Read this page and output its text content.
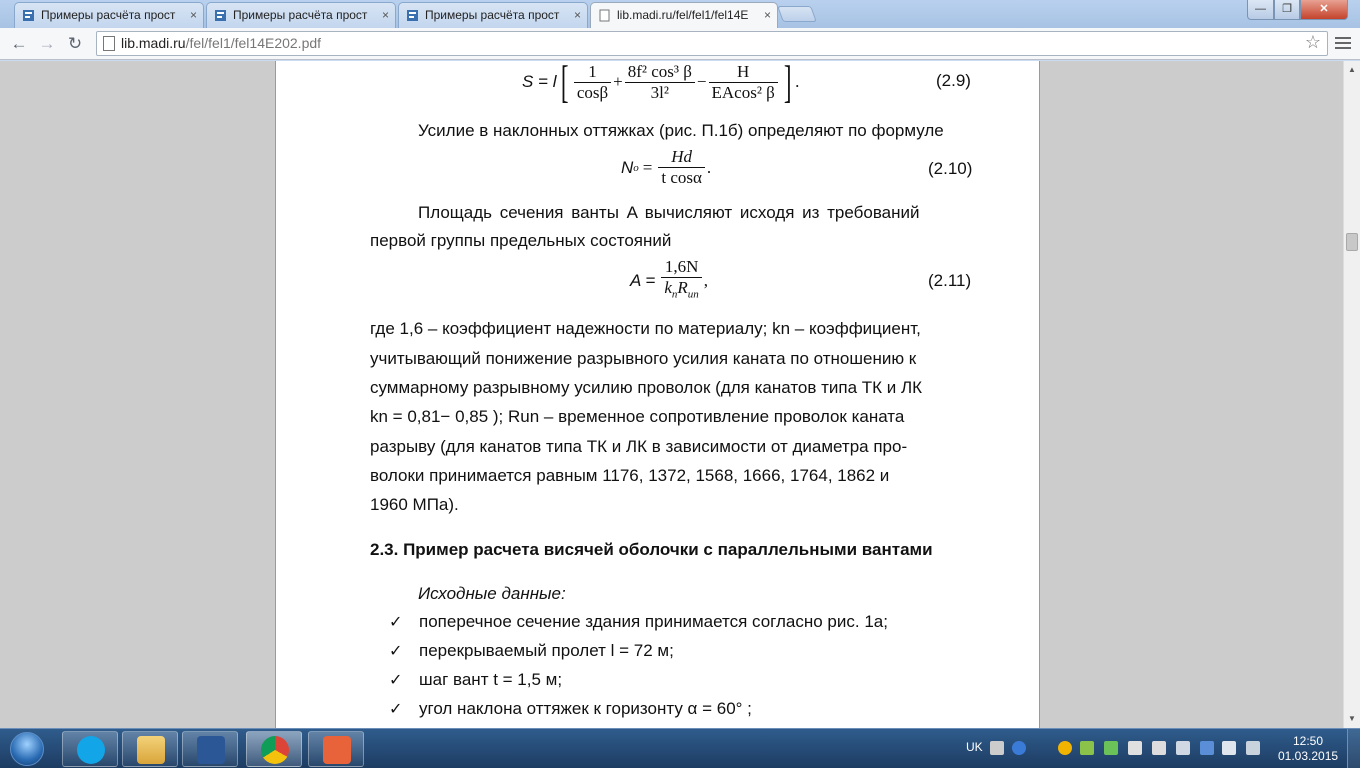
Примеры расчёта прост	×	Примеры расчёта прост	×	Примеры расчёта прост	×	lib.madi.ru/fel/fel1/fel14E	×	—	❐	✕
← → ↻	lib.madi.ru/fel/fel1/fel14E202.pdf	☆
S = l [ $\frac{1}{\cos\beta} + \frac{\text{8f² cos³ β}}{\text{3l²}} - \frac{H}{\text{EAcos² β}}$ ] .	(2.9)
Усилие в наклонных оттяжках (рис. П.1б) определяют по формуле
N $o = \frac{Hd}{\text{t cosα}}$ .	(2.10)
Площадь сечения ванты A вычисляют исходя из требований
первой группы предельных состояний
$A = \frac{1,6N}{k_nR_{un}}$ ,	(2.11)
где 1,6 – коэффициент надежности по материалу; kn – коэффициент,
учитывающий понижение разрывного усилия каната по отношению к
суммарному разрывному усилию проволок (для канатов типа ТК и ЛК
kn = 0,81− 0,85 ); Run – временное сопротивление проволок каната
разрыву (для канатов типа ТК и ЛК в зависимости от диаметра про-
волоки принимается равным 1176, 1372, 1568, 1666, 1764, 1862 и
1960 МПа).
2.3. Пример расчета висячей оболочки с параллельными вантами
Исходные данные:
✓ поперечное сечение здания принимается согласно рис. 1а;
✓ перекрываемый пролет l = 72 м;
✓ шаг вант t = 1,5 м;
✓ угол наклона оттяжек к горизонту α = 60° ;
▲
▼
UK	12:50
01.03.2015
